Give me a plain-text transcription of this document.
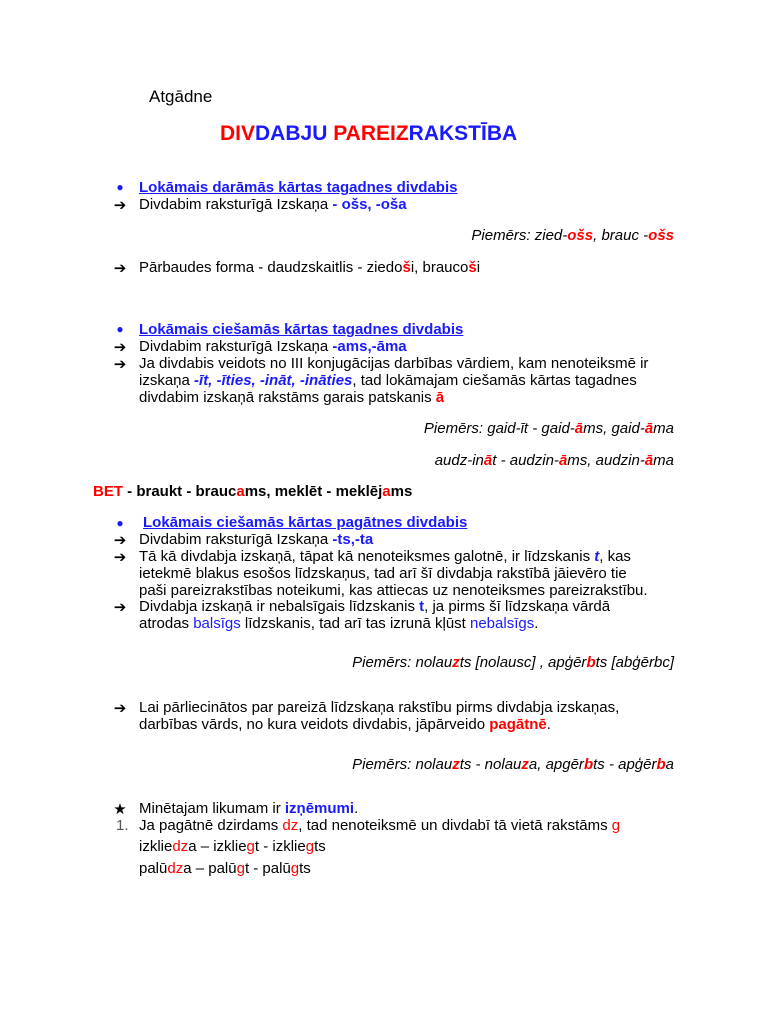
Atgādne
DIVDABJU PAREIZRAKSTĪBA
● Lokāmais darāmās kārtas tagadnes divdabis
➔ Divdabim raksturīgā Izskaņa - ošs, -oša
Piemērs: zied-ošs, brauc -ošs
➔ Pārbaudes forma - daudzskaitlis - ziedoši, braucoši
● Lokāmais ciešamās kārtas tagadnes divdabis
➔ Divdabim raksturīgā Izskaņa -ams,-āma
➔ Ja divdabis veidots no III konjugācijas darbības vārdiem, kam nenoteiksmē ir
izskaņa -īt, -īties, -ināt, -ināties, tad lokāmajam ciešamās kārtas tagadnes
divdabim izskaņā rakstāms garais patskanis ā
Piemērs: gaid-īt - gaid-āms, gaid-āma
audz-ināt - audzin-āms, audzin-āma
BET - braukt - braucams, meklēt - meklējams
● Lokāmais ciešamās kārtas pagātnes divdabis
➔ Divdabim raksturīgā Izskaņa -ts,-ta
➔ Tā kā divdabja izskaņā, tāpat kā nenoteiksmes galotnē, ir līdzskanis t, kas
ietekmē blakus esošos līdzskaņus, tad arī šī divdabja rakstībā jāievēro tie
paši pareizrakstības noteikumi, kas attiecas uz nenoteiksmes pareizrakstību.
➔ Divdabja izskaņā ir nebalsīgais līdzskanis t, ja pirms šī līdzskaņa vārdā
atrodas balsīgs līdzskanis, tad arī tas izrunā kļūst nebalsīgs.
Piemērs: nolauzts [nolausc] , apģērbts [abģērbc]
➔ Lai pārliecinātos par pareizā līdzskaņa rakstību pirms divdabja izskaņas,
darbības vārds, no kura veidots divdabis, jāpārveido pagātnē.
Piemērs: nolauzts - nolauza, apgērbts - apģērba
★ Minētajam likumam ir izņēmumi.
1. Ja pagātnē dzirdams dz, tad nenoteiksmē un divdabī tā vietā rakstāms g
izkliedza – izkliegt - izkliegts
palūdza – palūgt - palūgts
